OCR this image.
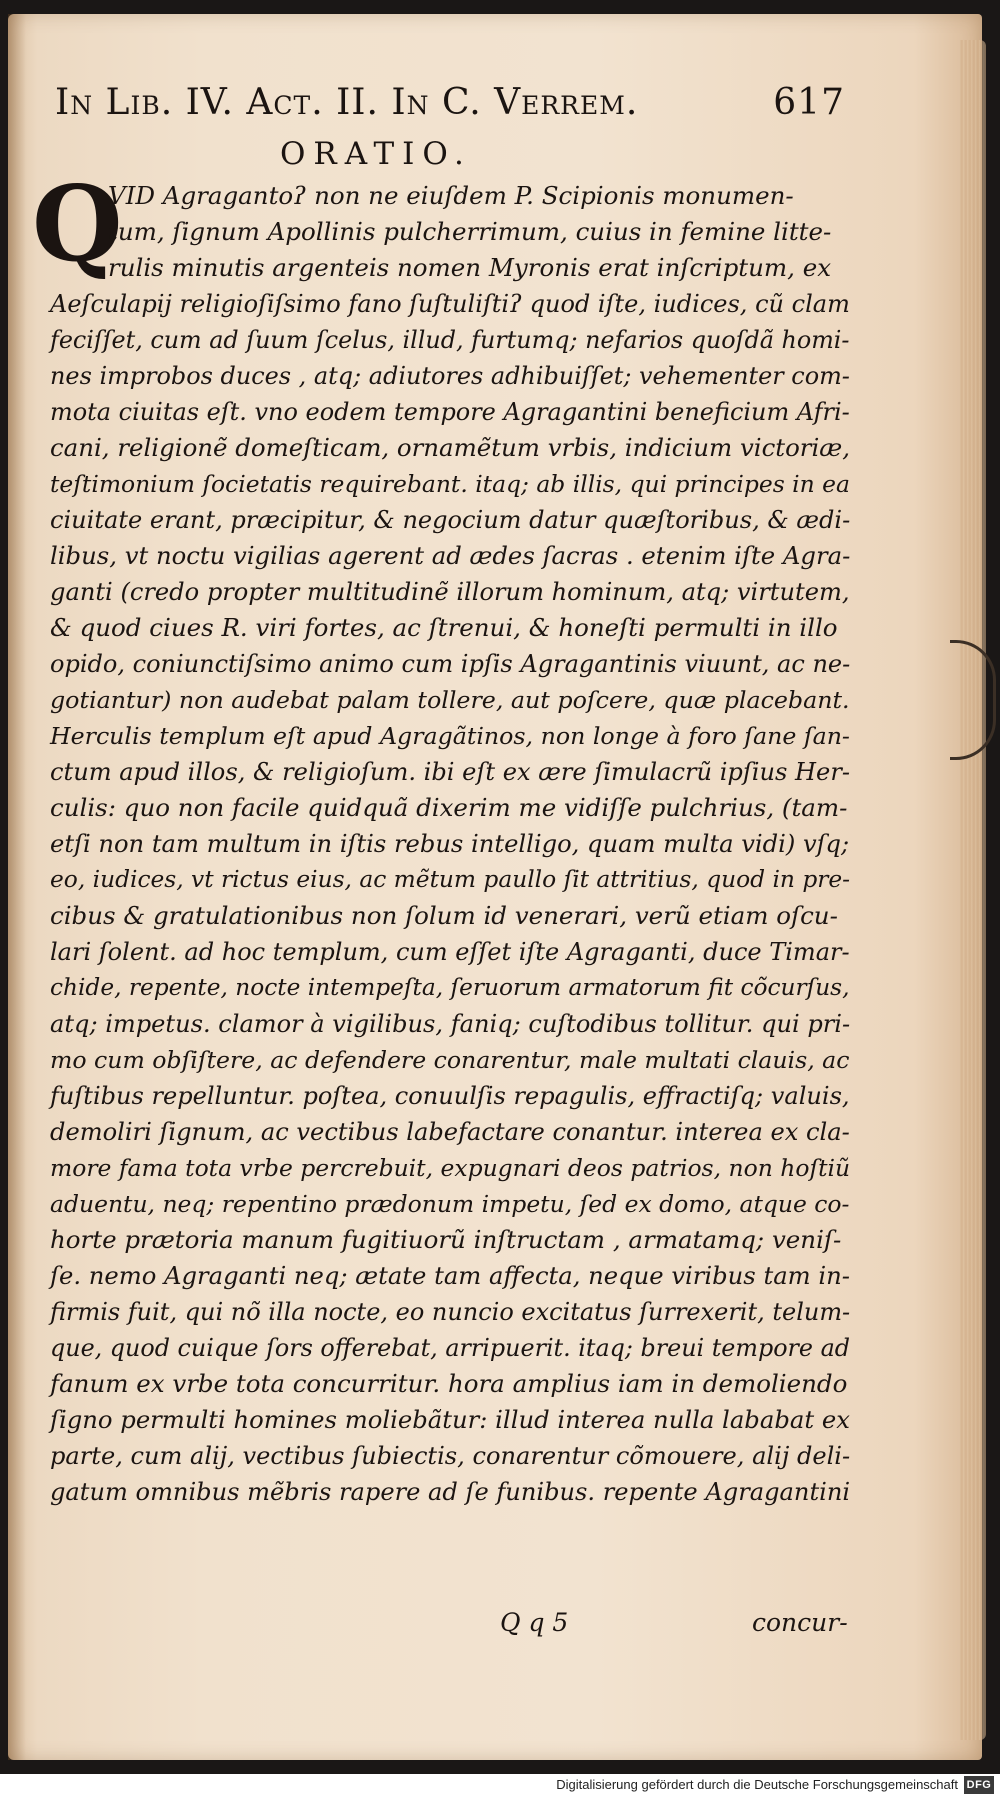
In Lib. IV. Act. II. In C. Verrem.	617
ORATIO.
Q
VID Agragantoʔ non ne eiuſdem P. Scipionis monumen-
tum, ſignum Apollinis pulcherrimum, cuius in femine litte-
rulis minutis argenteis nomen Myronis erat inſcriptum, ex
Aeſculapij religioſiſsimo fano ſuſtuliſtiʔ quod iſte, iudices, cũ clam
feciſſet, cum ad ſuum ſcelus, illud, furtumq; nefarios quoſdã homi-
nes improbos duces , atq; adiutores adhibuiſſet; vehementer com-
mota ciuitas eſt. vno eodem tempore Agragantini beneficium Afri-
cani, religionẽ domeſticam, ornamẽtum vrbis, indicium victoriæ,
teſtimonium ſocietatis requirebant. itaq; ab illis, qui principes in ea
ciuitate erant, præcipitur, & negocium datur quæſtoribus, & ædi-
libus, vt noctu vigilias agerent ad ædes ſacras . etenim iſte Agra-
ganti (credo propter multitudinẽ illorum hominum, atq; virtutem,
& quod ciues R. viri fortes, ac ſtrenui, & honeſti permulti in illo
opido, coniunctiſsimo animo cum ipſis Agragantinis viuunt, ac ne-
gotiantur) non audebat palam tollere, aut poſcere, quæ placebant.
Herculis templum eſt apud Agragãtinos, non longe à foro ſane ſan-
ctum apud illos, & religioſum. ibi eſt ex ære ſimulacrũ ipſius Her-
culis: quo non facile quidquã dixerim me vidiſſe pulchrius, (tam-
etſi non tam multum in iſtis rebus intelligo, quam multa vidi) vſq;
eo, iudices, vt rictus eius, ac mẽtum paullo ſit attritius, quod in pre-
cibus & gratulationibus non ſolum id venerari, verũ etiam oſcu-
lari ſolent. ad hoc templum, cum eſſet iſte Agraganti, duce Timar-
chide, repente, nocte intempeſta, ſeruorum armatorum fit cõcurſus,
atq; impetus. clamor à vigilibus, faniq; cuſtodibus tollitur. qui pri-
mo cum obſiſtere, ac defendere conarentur, male multati clauis, ac
fuſtibus repelluntur. poſtea, conuulſis repagulis, effractiſq; valuis,
demoliri ſignum, ac vectibus labefactare conantur. interea ex cla-
more fama tota vrbe percrebuit, expugnari deos patrios, non hoſtiũ
aduentu, neq; repentino prædonum impetu, ſed ex domo, atque co-
horte prætoria manum fugitiuorũ inſtructam , armatamq; veniſ-
ſe. nemo Agraganti neq; ætate tam affecta, neque viribus tam in-
firmis fuit, qui nõ illa nocte, eo nuncio excitatus ſurrexerit, telum-
que, quod cuique ſors offerebat, arripuerit. itaq; breui tempore ad
fanum ex vrbe tota concurritur. hora amplius iam in demoliendo
ſigno permulti homines moliebãtur: illud interea nulla lababat ex
parte, cum alij, vectibus ſubiectis, conarentur cõmouere, alij deli-
gatum omnibus mẽbris rapere ad ſe funibus. repente Agragantini
Q q 5	concur-
Digitalisierung gefördert durch die Deutsche Forschungsgemeinschaft DFG
